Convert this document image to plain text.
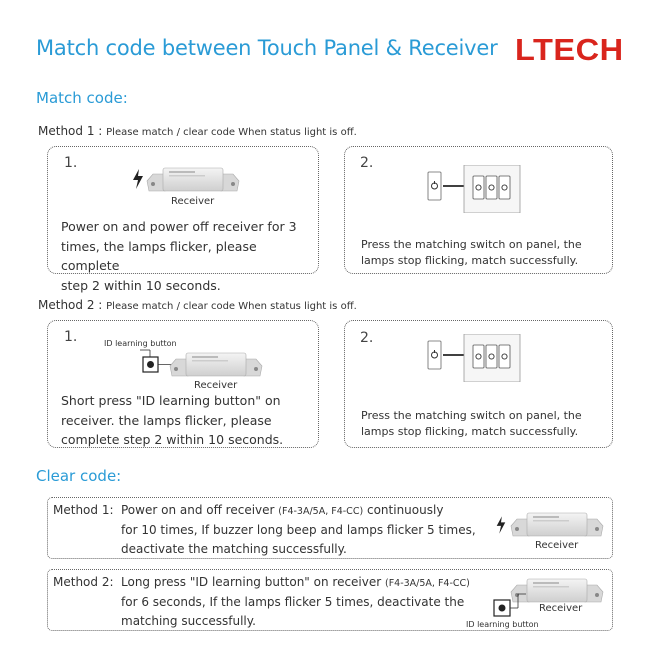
Match code between Touch Panel & Receiver LTECH
Match code:
Method 1 : Please match / clear code When status light is off.
1.
Receiver
Power on and power off receiver for 3
times, the lamps flicker, please complete
step 2 within 10 seconds.
2.
Press the matching switch on panel, the
lamps stop flicking, match successfully.
Method 2 : Please match / clear code When status light is off.
1.	ID learning button
Receiver
Short press "ID learning button" on
receiver. the lamps flicker, please
complete step 2 within 10 seconds.
2.
Press the matching switch on panel, the
lamps stop flicking, match successfully.
Clear code:
Method 1: Power on and off receiver (F4-3A/5A, F4-CC) continuously
for 10 times, If buzzer long beep and lamps flicker 5 times,
deactivate the matching successfully.	Receiver
Method 2: Long press "ID learning button" on receiver (F4-3A/5A, F4-CC)
for 6 seconds, If the lamps flicker 5 times, deactivate the
matching successfully.
Receiver
ID learning button
